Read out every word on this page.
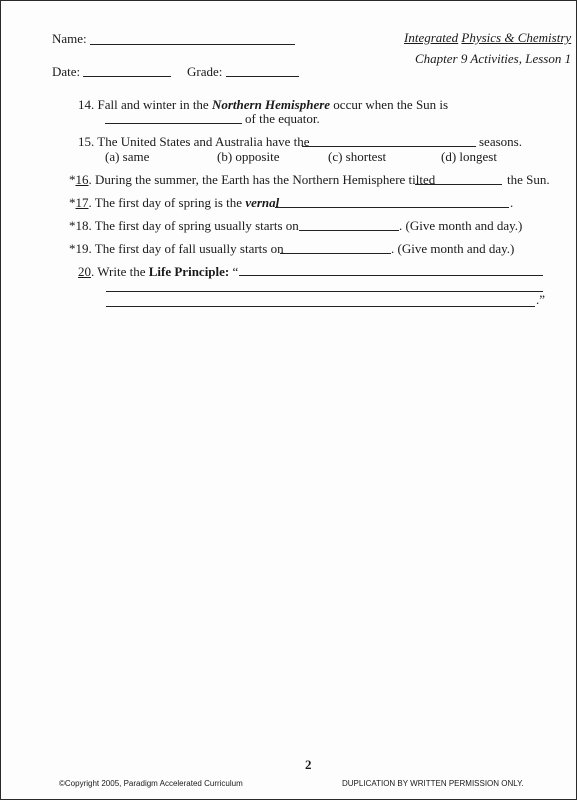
Name:
Date:	Grade:
Integrated Physics & Chemistry
Chapter 9 Activities, Lesson 1
14. Fall and winter in the Northern Hemisphere occur when the Sun is
of the equator.
15. The United States and Australia have the	seasons.
(a) same	(b) opposite	(c) shortest	(d) longest
*16. During the summer, the Earth has the Northern Hemisphere tilted	the Sun.
*17. The first day of spring is the vernal	.
*18. The first day of spring usually starts on	. (Give month and day.)
*19. The first day of fall usually starts on	. (Give month and day.)
20. Write the Life Principle: “
.”
2
©Copyright 2005, Paradigm Accelerated Curriculum	DUPLICATION BY WRITTEN PERMISSION ONLY.
